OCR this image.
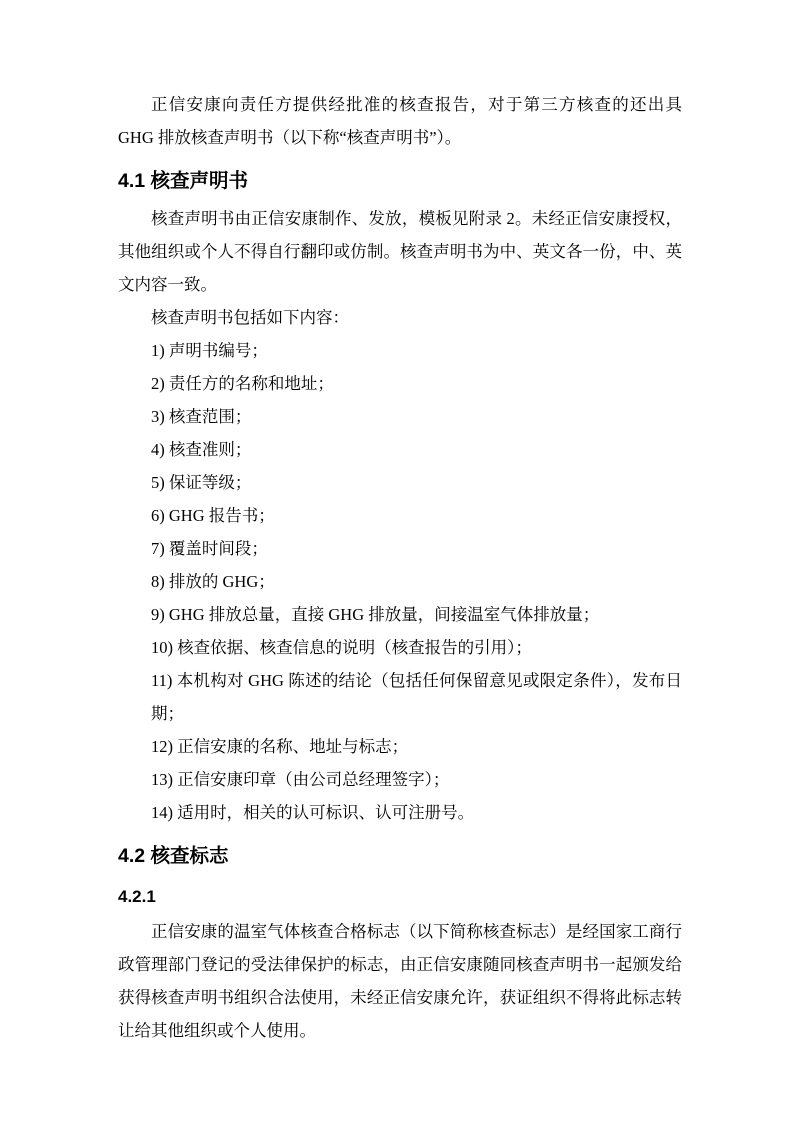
正信安康向责任方提供经批准的核查报告，对于第三方核查的还出具 GHG 排放核查声明书（以下称“核查声明书”）。

4.1 核查声明书

核查声明书由正信安康制作、发放，模板见附录 2。未经正信安康授权，其他组织或个人不得自行翻印或仿制。核查声明书为中、英文各一份，中、英文内容一致。

核查声明书包括如下内容：

1) 声明书编号；
2) 责任方的名称和地址；
3) 核查范围；
4) 核查准则；
5) 保证等级；
6) GHG 报告书；
7) 覆盖时间段；
8) 排放的 GHG；
9) GHG 排放总量，直接 GHG 排放量，间接温室气体排放量；
10) 核查依据、核查信息的说明（核查报告的引用）；
11) 本机构对 GHG 陈述的结论（包括任何保留意见或限定条件），发布日期；
12) 正信安康的名称、地址与标志；
13) 正信安康印章（由公司总经理签字）；
14) 适用时，相关的认可标识、认可注册号。
4.2 核查标志
4.2.1

正信安康的温室气体核查合格标志（以下简称核查标志）是经国家工商行政管理部门登记的受法律保护的标志，由正信安康随同核查声明书一起颁发给获得核查声明书组织合法使用，未经正信安康允许，获证组织不得将此标志转让给其他组织或个人使用。
